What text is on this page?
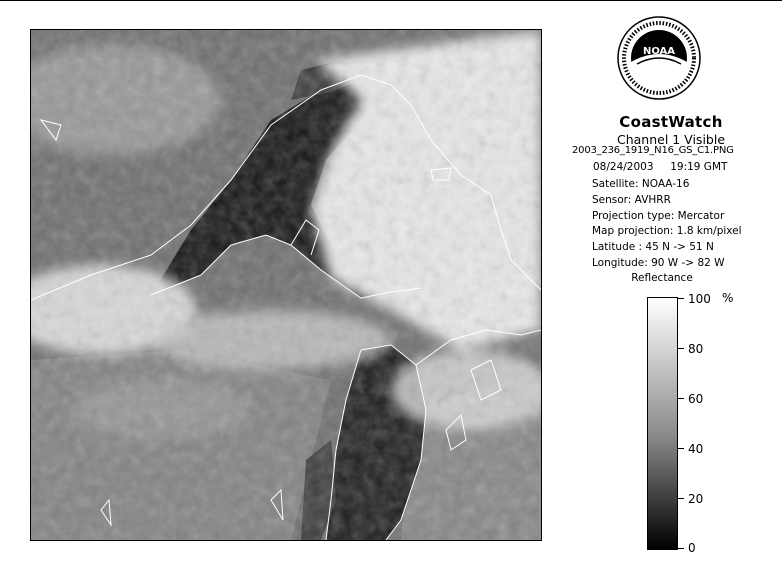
NOAA
CoastWatch
Channel 1 Visible
2003_236_1919_N16_GS_C1.PNG
08/24/2003     19:19 GMT
Satellite: NOAA-16
Sensor: AVHRR
Projection type: Mercator
Map projection: 1.8 km/pixel
Latitude : 45 N -> 51 N
Longitude: 90 W -> 82 W
Reflectance
%
100
80
60
40
20
0
